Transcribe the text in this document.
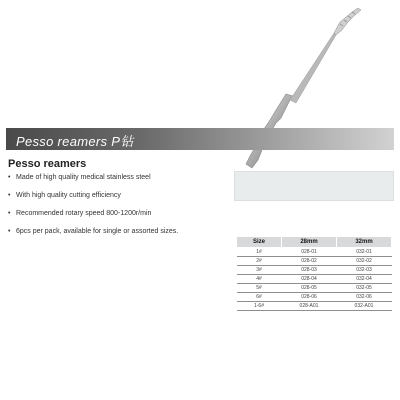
Pesso reamers P钻
Pesso reamers
• Made of high quality medical stainless steel
• With high quality cutting efficiency
• Recommended rotary speed 800-1200r/min
• 6pcs per pack, available for single or assorted sizes.
Size	28mm	32mm
1#	028-01	032-01
2#	028-02	032-02
3#	028-03	032-03
4#	028-04	032-04
5#	028-05	032-05
6#	028-06	032-06
1-6#	028-A01	032-A01
